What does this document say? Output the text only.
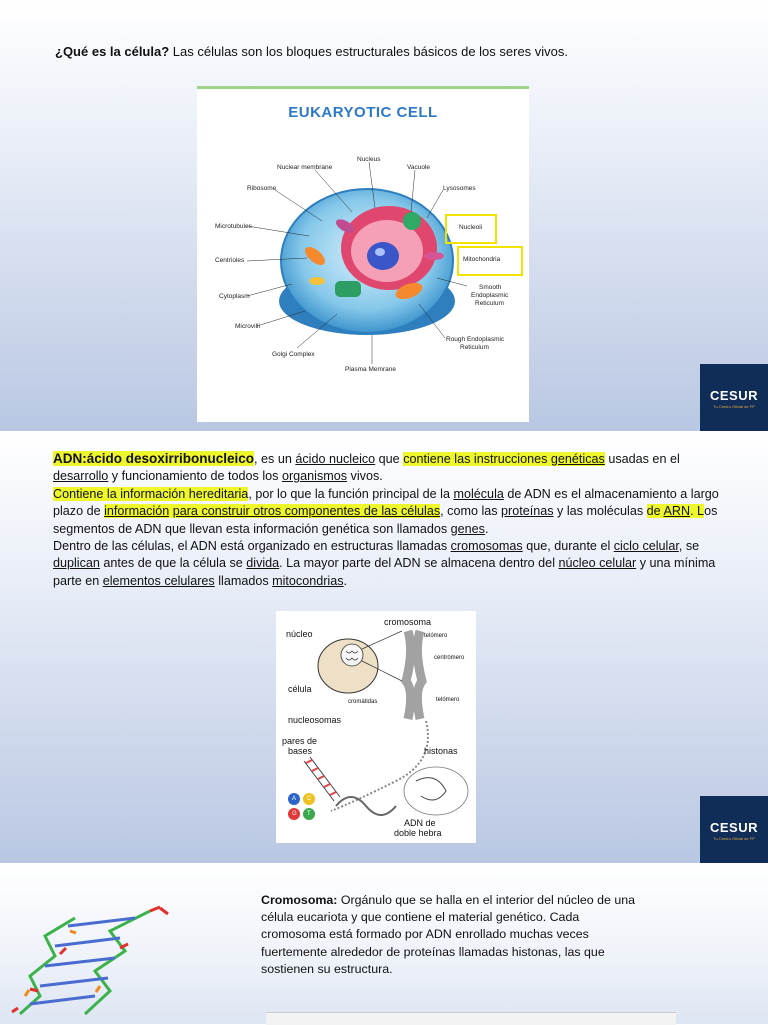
¿Qué es la célula? Las células son los bloques estructurales básicos de los seres vivos.
EUKARYOTIC CELL
Nucleus
Nuclear membrane	Vacuole
Ribosome	Lysosomes
Microtubules	Nucleoli
Centrioles	Mitochondria
Cytoplasm
Smooth
Endoplasmic
Reticulum
Microvilli
Rough Endoplasmic
Reticulum
Golgi Complex
Plasma Memrane
CESUR
Tu Centro Oficial de FP
CESUR
Tu Centro Oficial de FP
ADN:ácido desoxirribonucleico, es un ácido nucleico que contiene las instrucciones genéticas usadas en el desarrollo y funcionamiento de todos los organismos vivos.
Contiene la información hereditaria, por lo que la función principal de la molécula de ADN es el almacenamiento a largo plazo de información para construir otros componentes de las células, como las proteínas y las moléculas de ARN. Los segmentos de ADN que llevan esta información genética son llamados genes.
Dentro de las células, el ADN está organizado en estructuras llamadas cromosomas que, durante el ciclo celular, se duplican antes de que la célula se divida. La mayor parte del ADN se almacena dentro del núcleo celular y una mínima parte en elementos celulares llamados mitocondrias.
cromosoma
núcleo	telómero
centrómero
célula
cromátidas	telómero
nucleosomas
pares de
bases	histonas
ADN de
doble hebra
A C
G T
Cromosoma: Orgánulo que se halla en el interior del núcleo de una célula eucariota y que contiene el material genético. Cada cromosoma está formado por ADN enrollado muchas veces fuertemente alrededor de proteínas llamadas histonas, las que sostienen su estructura.
